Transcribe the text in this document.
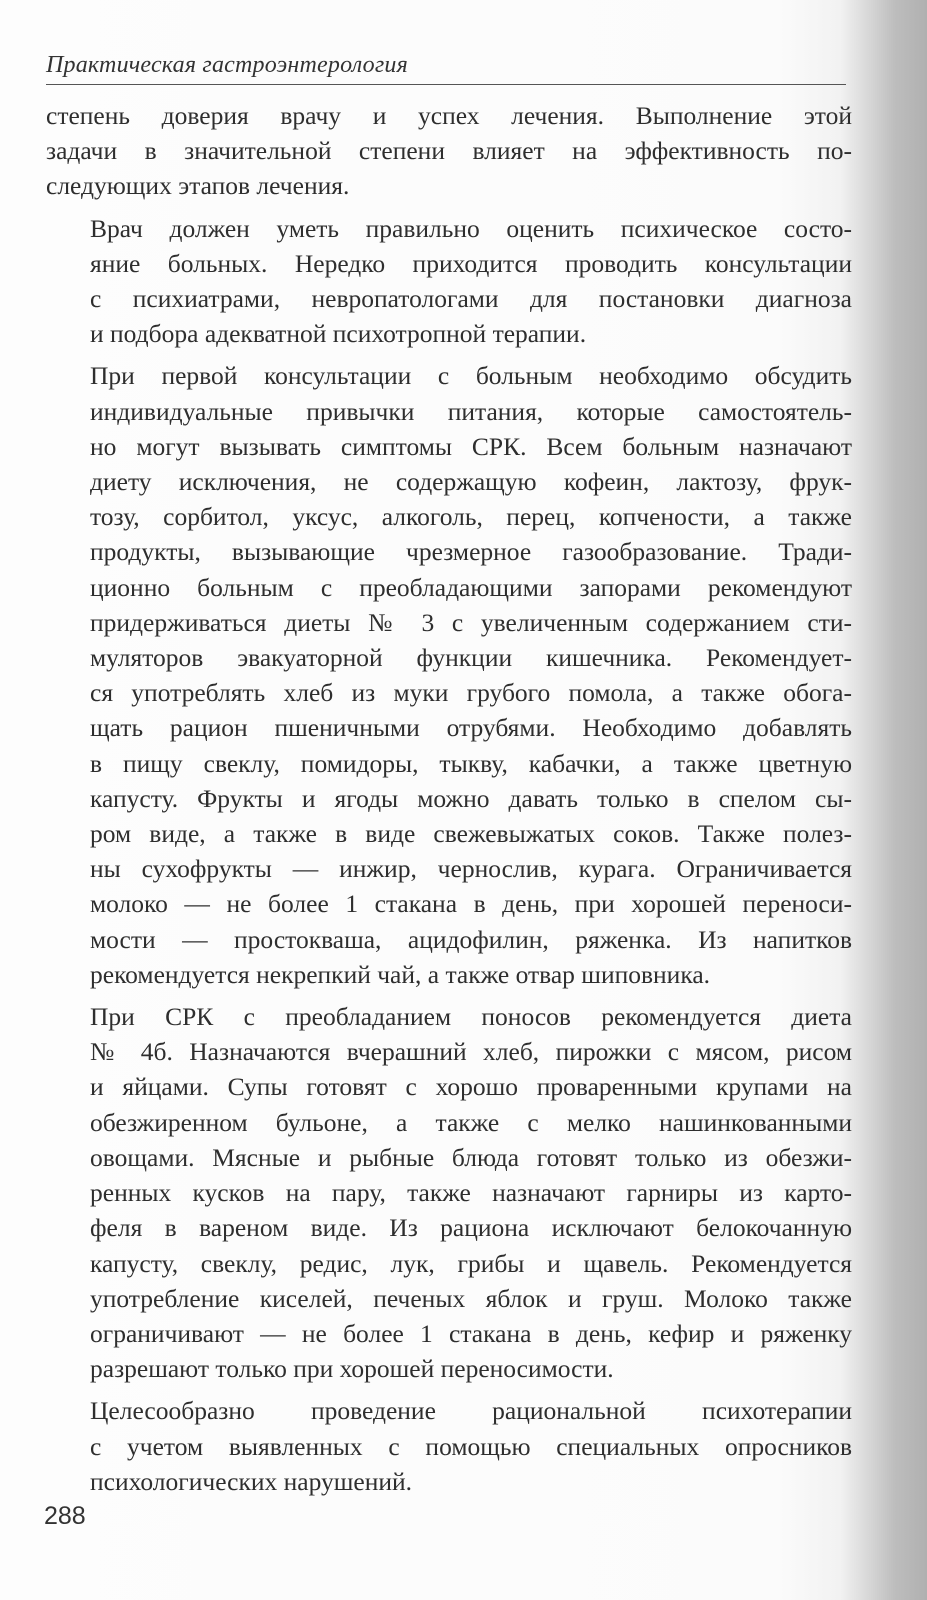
Практическая гастроэнтерология
степень доверия врачу и успех лечения. Выполнение этой
задачи в значительной степени влияет на эффективность по-
следующих этапов лечения.
Врач должен уметь правильно оценить психическое состо-
яние больных. Нередко приходится проводить консультации
с психиатрами, невропатологами для постановки диагноза
и подбора адекватной психотропной терапии.
При первой консультации с больным необходимо обсудить
индивидуальные привычки питания, которые самостоятель-
но могут вызывать симптомы СРК. Всем больным назначают
диету исключения, не содержащую кофеин, лактозу, фрук-
тозу, сорбитол, уксус, алкоголь, перец, копчености, а также
продукты, вызывающие чрезмерное газообразование. Тради-
ционно больным с преобладающими запорами рекомендуют
придерживаться диеты № 3 с увеличенным содержанием сти-
муляторов эвакуаторной функции кишечника. Рекомендует-
ся употреблять хлеб из муки грубого помола, а также обога-
щать рацион пшеничными отрубями. Необходимо добавлять
в пищу свеклу, помидоры, тыкву, кабачки, а также цветную
капусту. Фрукты и ягоды можно давать только в спелом сы-
ром виде, а также в виде свежевыжатых соков. Также полез-
ны сухофрукты — инжир, чернослив, курага. Ограничивается
молоко — не более 1 стакана в день, при хорошей переноси-
мости — простокваша, ацидофилин, ряженка. Из напитков
рекомендуется некрепкий чай, а также отвар шиповника.
При СРК с преобладанием поносов рекомендуется диета
№ 4б. Назначаются вчерашний хлеб, пирожки с мясом, рисом
и яйцами. Супы готовят с хорошо проваренными крупами на
обезжиренном бульоне, а также с мелко нашинкованными
овощами. Мясные и рыбные блюда готовят только из обезжи-
ренных кусков на пару, также назначают гарниры из карто-
феля в вареном виде. Из рациона исключают белокочанную
капусту, свеклу, редис, лук, грибы и щавель. Рекомендуется
употребление киселей, печеных яблок и груш. Молоко также
ограничивают — не более 1 стакана в день, кефир и ряженку
разрешают только при хорошей переносимости.
Целесообразно проведение рациональной психотерапии
с учетом выявленных с помощью специальных опросников
психологических нарушений.
288
